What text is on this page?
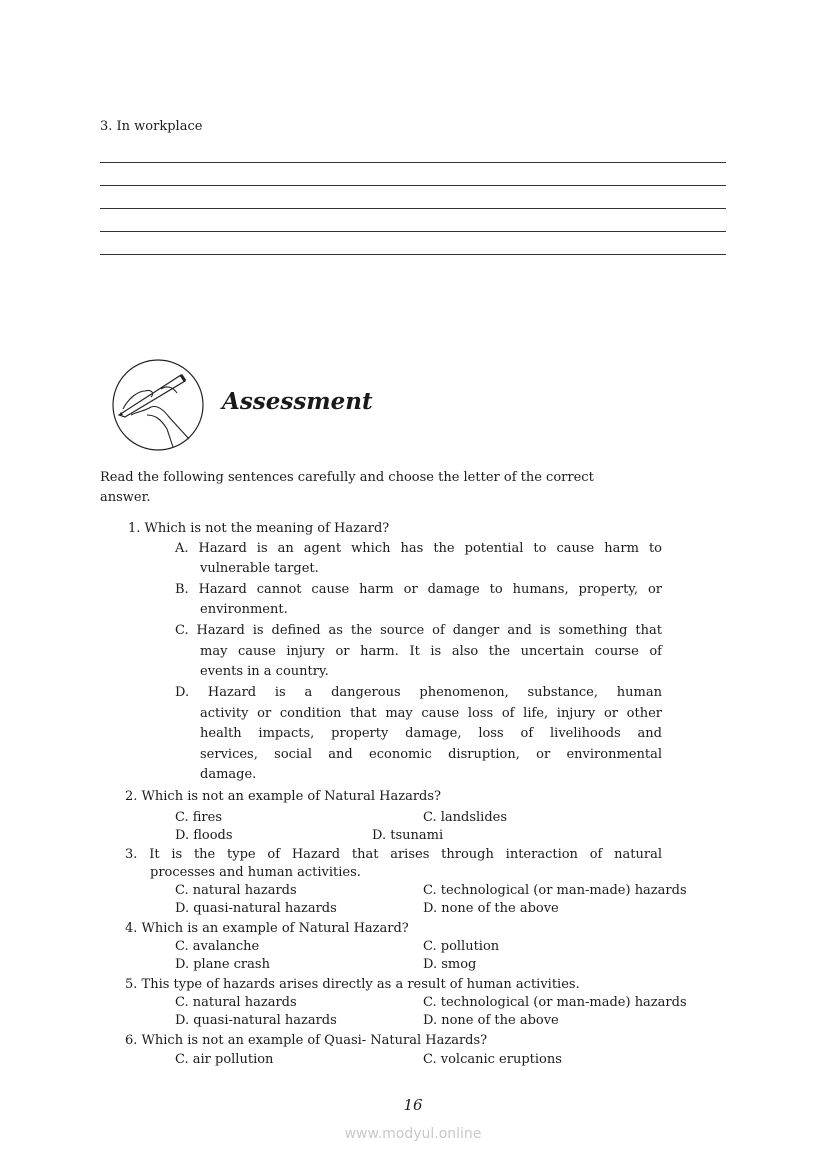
3. In workplace
Assessment
Read the following sentences carefully and choose the letter of the correct
answer.
1. Which is not the meaning of Hazard?
A. Hazard is an agent which has the potential to cause harm to
vulnerable target.
B. Hazard cannot cause harm or damage to humans, property, or
environment.
C. Hazard is defined as the source of danger and is something that
may cause injury or harm. It is also the uncertain course of
events in a country.
D. Hazard is a dangerous phenomenon, substance, human
activity or condition that may cause loss of life, injury or other
health impacts, property damage, loss of livelihoods and
services, social and economic disruption, or environmental
damage.
2. Which is not an example of Natural Hazards?
C. fires	C. landslides
D. floods	D. tsunami
3. It is the type of Hazard that arises through interaction of natural
processes and human activities.
C. natural hazards	C. technological (or man-made) hazards
D. quasi-natural hazards	D. none of the above
4. Which is an example of Natural Hazard?
C. avalanche	C. pollution
D. plane crash	D. smog
5. This type of hazards arises directly as a result of human activities.
C. natural hazards	C. technological (or man-made) hazards
D. quasi-natural hazards	D. none of the above
6. Which is not an example of Quasi- Natural Hazards?
C. air pollution	C. volcanic eruptions
16
www.modyul.online
